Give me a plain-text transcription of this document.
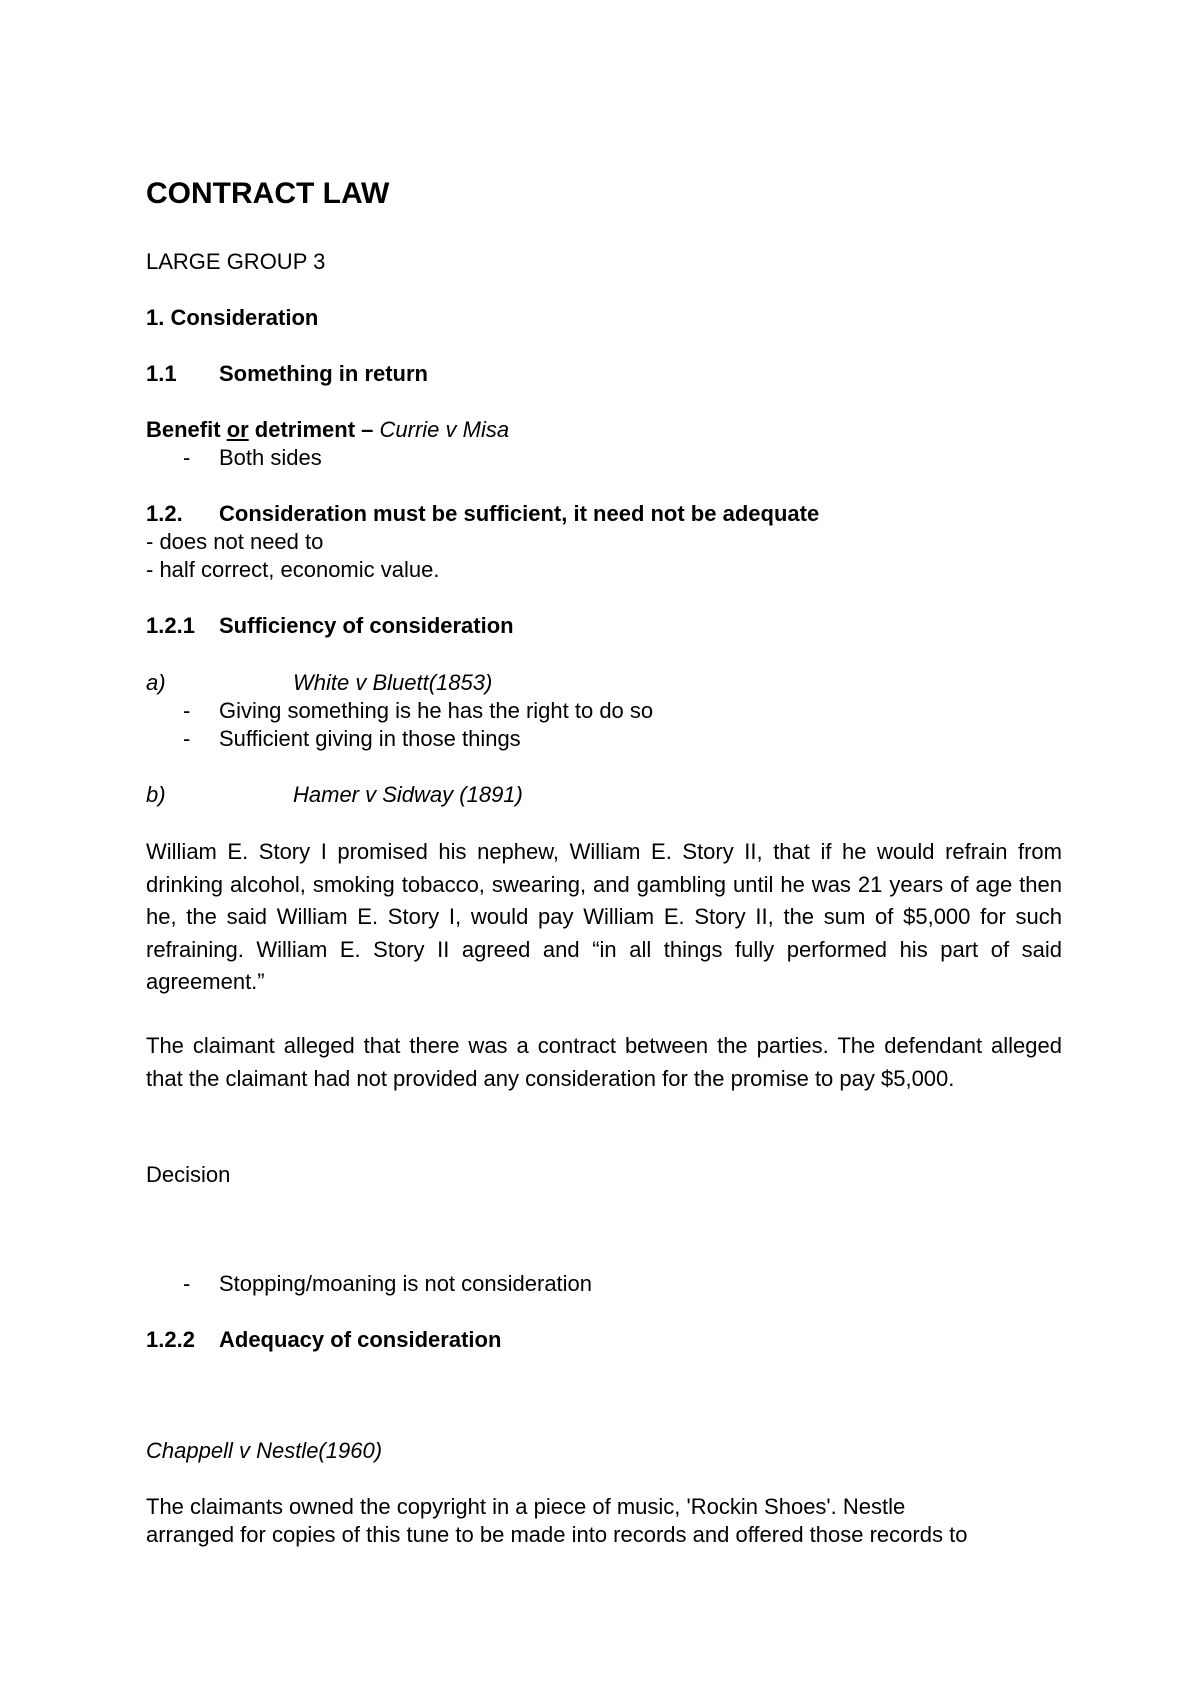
CONTRACT LAW
LARGE GROUP 3
1. Consideration
1.1 Something in return
Benefit or detriment – Currie v Misa
- Both sides
1.2. Consideration must be sufficient, it need not be adequate
- does not need to
- half correct, economic value.
1.2.1 Sufficiency of consideration
a)	White v Bluett(1853)
- Giving something is he has the right to do so
- Sufficient giving in those things
b)	Hamer v Sidway (1891)

William E. Story I promised his nephew, William E. Story II, that if he would refrain from drinking alcohol, smoking tobacco, swearing, and gambling until he was 21 years of age then he, the said William E. Story I, would pay William E. Story II, the sum of $5,000 for such refraining. William E. Story II agreed and “in all things fully performed his part of said agreement.”

The claimant alleged that there was a contract between the parties. The defendant alleged that the claimant had not provided any consideration for the promise to pay $5,000.

Decision
- Stopping/moaning is not consideration
1.2.2 Adequacy of consideration
Chappell v Nestle(1960)
The claimants owned the copyright in a piece of music, 'Rockin Shoes'. Nestle
arranged for copies of this tune to be made into records and offered those records to
